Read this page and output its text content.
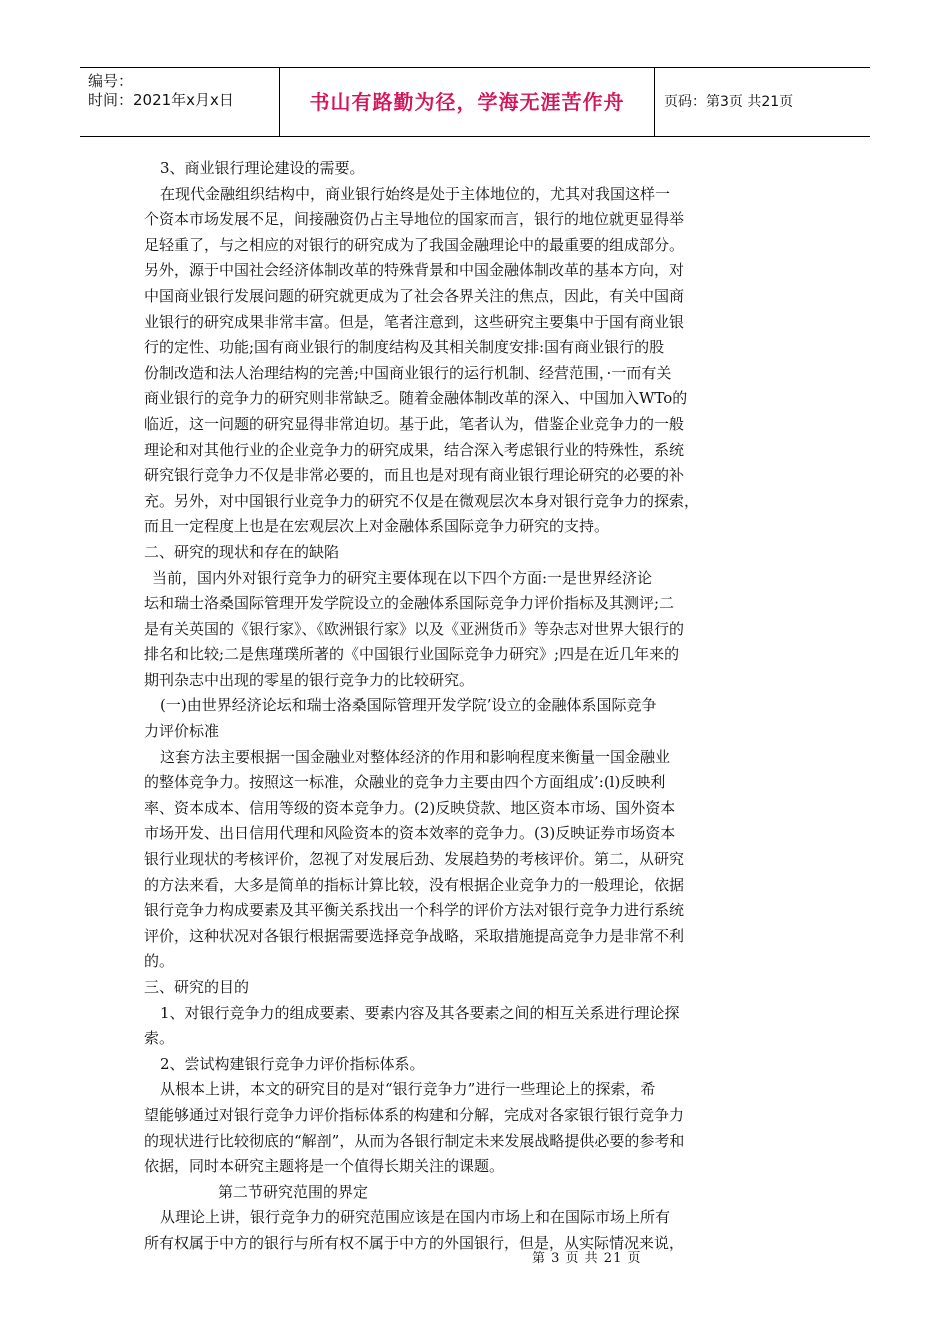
编号：
时间：2021年x月x日	书山有路勤为径，学海无涯苦作舟	页码：第3页 共21页
3、商业银行理论建设的需要。
在现代金融组织结构中，商业银行始终是处于主体地位的，尤其对我国这样一
个资本市场发展不足，间接融资仍占主导地位的国家而言，银行的地位就更显得举
足轻重了，与之相应的对银行的研究成为了我国金融理论中的最重要的组成部分。
另外，源于中国社会经济体制改革的特殊背景和中国金融体制改革的基本方向，对
中国商业银行发展问题的研究就更成为了社会各界关注的焦点，因此，有关中国商
业银行的研究成果非常丰富。但是，笔者注意到，这些研究主要集中于国有商业银
行的定性、功能;国有商业银行的制度结构及其相关制度安排:国有商业银行的股
份制改造和法人治理结构的完善;中国商业银行的运行机制、经营范围，·一而有关
商业银行的竞争力的研究则非常缺乏。随着金融体制改革的深入、中国加入WTo的
临近，这一问题的研究显得非常迫切。基于此，笔者认为，借鉴企业竞争力的一般
理论和对其他行业的企业竞争力的研究成果，结合深入考虑银行业的特殊性，系统
研究银行竞争力不仅是非常必要的，而且也是对现有商业银行理论研究的必要的补
充。另外，对中国银行业竞争力的研究不仅是在微观层次本身对银行竞争力的探索，
而且一定程度上也是在宏观层次上对金融体系国际竞争力研究的支持。
二、研究的现状和存在的缺陷
当前，国内外对银行竞争力的研究主要体现在以下四个方面:一是世界经济论
坛和瑞士洛桑国际管理开发学院设立的金融体系国际竞争力评价指标及其测评;二
是有关英国的《银行家》、《欧洲银行家》以及《亚洲货币》等杂志对世界大银行的
排名和比较;二是焦瑾璞所著的《中国银行业国际竞争力研究》;四是在近几年来的
期刊杂志中出现的零星的银行竞争力的比较研究。
(一)由世界经济论坛和瑞士洛桑国际管理开发学院’设立的金融体系国际竞争
力评价标准
这套方法主要根据一国金融业对整体经济的作用和影响程度来衡量一国金融业
的整体竞争力。按照这一标准，众融业的竞争力主要由四个方面组成’:(l)反映利
率、资本成本、信用等级的资本竞争力。(2)反映贷款、地区资本市场、国外资本
市场开发、出日信用代理和风险资本的资本效率的竞争力。(3)反映证券市场资本
银行业现状的考核评价，忽视了对发展后劲、发展趋势的考核评价。第二，从研究
的方法来看，大多是简单的指标计算比较，没有根据企业竞争力的一般理论，依据
银行竞争力构成要素及其平衡关系找出一个科学的评价方法对银行竞争力进行系统
评价，这种状况对各银行根据需要选择竞争战略，采取措施提高竞争力是非常不利
的。
三、研究的目的
1、对银行竞争力的组成要素、要素内容及其各要素之间的相互关系进行理论探
索。
2、尝试构建银行竞争力评价指标体系。
从根本上讲，本文的研究目的是对“银行竞争力”进行一些理论上的探索，希
望能够通过对银行竞争力评价指标体系的构建和分解，完成对各家银行银行竞争力
的现状进行比较彻底的“解剖”，从而为各银行制定未来发展战略提供必要的参考和
依据，同时本研究主题将是一个值得长期关注的课题。
第二节研究范围的界定
从理论上讲，银行竞争力的研究范围应该是在国内市场上和在国际市场上所有
所有权属于中方的银行与所有权不属于中方的外国银行，但是，从实际情况来说，
第 3 页 共 21 页
